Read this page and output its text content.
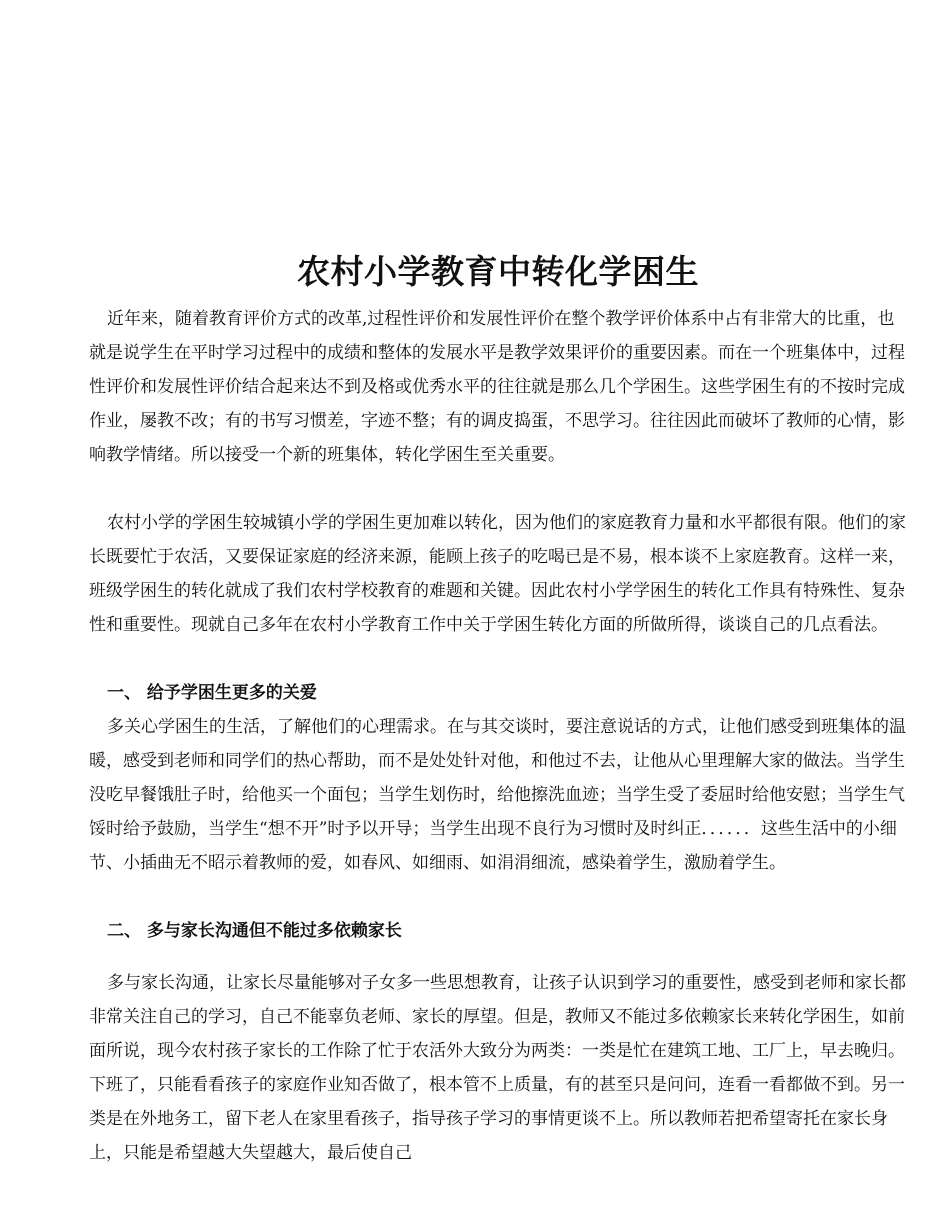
农村小学教育中转化学困生

近年来，随着教育评价方式的改革,过程性评价和发展性评价在整个教学评价体系中占有非常大的比重，也就是说学生在平时学习过程中的成绩和整体的发展水平是教学效果评价的重要因素。而在一个班集体中，过程性评价和发展性评价结合起来达不到及格或优秀水平的往往就是那么几个学困生。这些学困生有的不按时完成作业，屡教不改；有的书写习惯差，字迹不整；有的调皮捣蛋，不思学习。往往因此而破坏了教师的心情，影响教学情绪。所以接受一个新的班集体，转化学困生至关重要。

农村小学的学困生较城镇小学的学困生更加难以转化，因为他们的家庭教育力量和水平都很有限。他们的家长既要忙于农活，又要保证家庭的经济来源，能顾上孩子的吃喝已是不易，根本谈不上家庭教育。这样一来，班级学困生的转化就成了我们农村学校教育的难题和关键。因此农村小学学困生的转化工作具有特殊性、复杂性和重要性。现就自己多年在农村小学教育工作中关于学困生转化方面的所做所得，谈谈自己的几点看法。

一、 给予学困生更多的关爱

多关心学困生的生活，了解他们的心理需求。在与其交谈时，要注意说话的方式，让他们感受到班集体的温暖，感受到老师和同学们的热心帮助，而不是处处针对他，和他过不去，让他从心里理解大家的做法。当学生没吃早餐饿肚子时，给他买一个面包；当学生划伤时，给他擦洗血迹；当学生受了委屈时给他安慰；当学生气馁时给予鼓励，当学生“想不开”时予以开导；当学生出现不良行为习惯时及时纠正．．．．．．这些生活中的小细节、小插曲无不昭示着教师的爱，如春风、如细雨、如涓涓细流，感染着学生，激励着学生。

二、 多与家长沟通但不能过多依赖家长

多与家长沟通，让家长尽量能够对子女多一些思想教育，让孩子认识到学习的重要性，感受到老师和家长都非常关注自己的学习，自己不能辜负老师、家长的厚望。但是，教师又不能过多依赖家长来转化学困生，如前面所说，现今农村孩子家长的工作除了忙于农活外大致分为两类：一类是忙在建筑工地、工厂上，早去晚归。下班了，只能看看孩子的家庭作业知否做了，根本管不上质量，有的甚至只是问问，连看一看都做不到。另一类是在外地务工，留下老人在家里看孩子，指导孩子学习的事情更谈不上。所以教师若把希望寄托在家长身上，只能是希望越大失望越大，最后使自己
